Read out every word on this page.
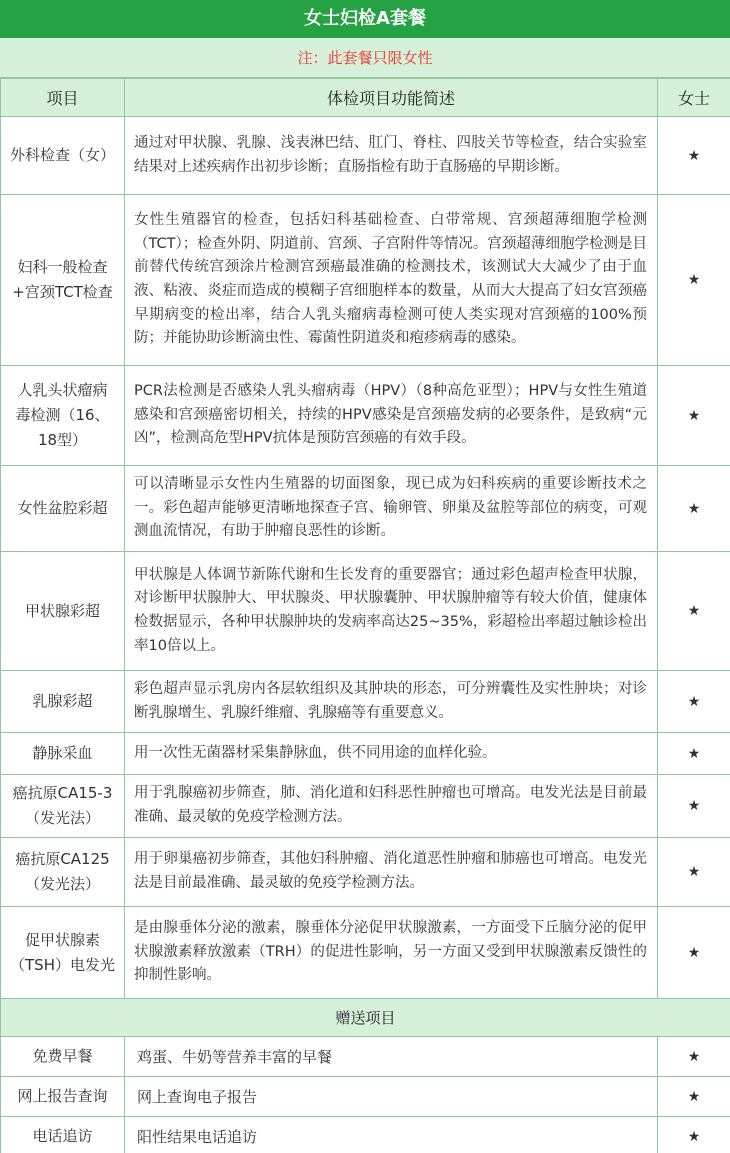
女士妇检A套餐
注：此套餐只限女性
项目	体检项目功能简述	女士
外科检查（女）	通过对甲状腺、乳腺、浅表淋巴结、肛门、脊柱、四肢关节等检查，结合实验室结果对上述疾病作出初步诊断；直肠指检有助于直肠癌的早期诊断。	★
妇科一般检查+宫颈TCT检查	女性生殖器官的检查，包括妇科基础检查、白带常规、宫颈超薄细胞学检测（TCT）；检查外阴、阴道前、宫颈、子宫附件等情况。宫颈超薄细胞学检测是目前替代传统宫颈涂片检测宫颈癌最准确的检测技术，该测试大大减少了由于血液、粘液、炎症而造成的模糊子宫细胞样本的数量，从而大大提高了妇女宫颈癌早期病变的检出率，结合人乳头瘤病毒检测可使人类实现对宫颈癌的100%预防；并能协助诊断滴虫性、霉菌性阴道炎和疱疹病毒的感染。	★
人乳头状瘤病毒检测（16、18型）	PCR法检测是否感染人乳头瘤病毒（HPV）（8种高危亚型）；HPV与女性生殖道感染和宫颈癌密切相关，持续的HPV感染是宫颈癌发病的必要条件，是致病“元凶”，检测高危型HPV抗体是预防宫颈癌的有效手段。	★
女性盆腔彩超	可以清晰显示女性内生殖器的切面图象，现已成为妇科疾病的重要诊断技术之一。彩色超声能够更清晰地探查子宫、输卵管、卵巢及盆腔等部位的病变，可观测血流情况，有助于肿瘤良恶性的诊断。	★
甲状腺彩超	甲状腺是人体调节新陈代谢和生长发育的重要器官；通过彩色超声检查甲状腺，对诊断甲状腺肿大、甲状腺炎、甲状腺囊肿、甲状腺肿瘤等有较大价值，健康体检数据显示，各种甲状腺肿块的发病率高达25~35%，彩超检出率超过触诊检出率10倍以上。	★
乳腺彩超	彩色超声显示乳房内各层软组织及其肿块的形态，可分辨囊性及实性肿块；对诊断乳腺增生、乳腺纤维瘤、乳腺癌等有重要意义。	★
静脉采血	用一次性无菌器材采集静脉血，供不同用途的血样化验。	★
癌抗原CA15-3（发光法）	用于乳腺癌初步筛查，肺、消化道和妇科恶性肿瘤也可增高。电发光法是目前最准确、最灵敏的免疫学检测方法。	★
癌抗原CA125（发光法）	用于卵巢癌初步筛查，其他妇科肿瘤、消化道恶性肿瘤和肺癌也可增高。电发光法是目前最准确、最灵敏的免疫学检测方法。	★
促甲状腺素（TSH）电发光	是由腺垂体分泌的激素，腺垂体分泌促甲状腺激素，一方面受下丘脑分泌的促甲状腺激素释放激素（TRH）的促进性影响，另一方面又受到甲状腺激素反馈性的抑制性影响。	★
赠送项目		
免费早餐	鸡蛋、牛奶等营养丰富的早餐	★
网上报告查询	网上查询电子报告	★
电话追访	阳性结果电话追访	★
